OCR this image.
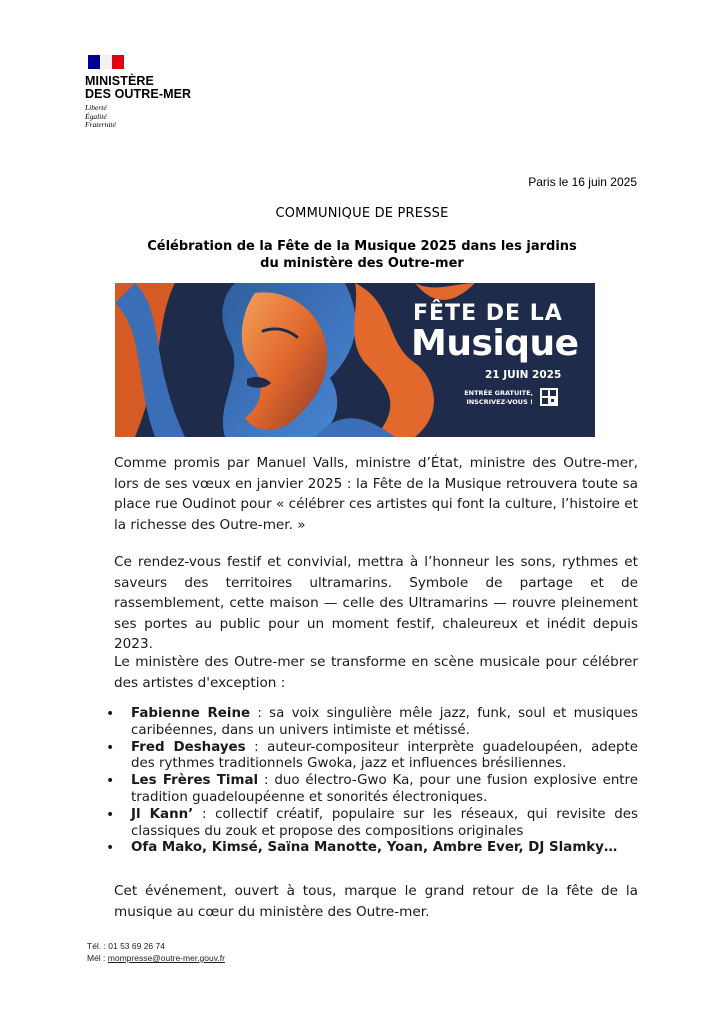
MINISTÈRE
DES OUTRE-MER
Liberté
Égalité
Fraternité
Paris le 16 juin 2025
COMMUNIQUE DE PRESSE
Célébration de la Fête de la Musique 2025 dans les jardins
du ministère des Outre-mer
FÊTE DE LA
Musique
21 JUIN 2025
ENTRÉE GRATUITE,
INSCRIVEZ-VOUS !
Comme promis par Manuel Valls, ministre d’État, ministre des Outre-mer, lors de ses vœux en janvier 2025 : la Fête de la Musique retrouvera toute sa place rue Oudinot pour « célébrer ces artistes qui font la culture, l’histoire et la richesse des Outre-mer. »
Ce rendez-vous festif et convivial, mettra à l’honneur les sons, rythmes et saveurs des territoires ultramarins. Symbole de partage et de rassemblement, cette maison — celle des Ultramarins — rouvre pleinement ses portes au public pour un moment festif, chaleureux et inédit depuis 2023.
Le ministère des Outre-mer se transforme en scène musicale pour célébrer des artistes d'exception :
• Fabienne Reine : sa voix singulière mêle jazz, funk, soul et musiques caribéennes, dans un univers intimiste et métissé.
• Fred Deshayes : auteur-compositeur interprète guadeloupéen, adepte des rythmes traditionnels Gwoka, jazz et influences brésiliennes.
• Les Frères Timal : duo électro-Gwo Ka, pour une fusion explosive entre tradition guadeloupéenne et sonorités électroniques.
• Jl Kann’ : collectif créatif, populaire sur les réseaux, qui revisite des classiques du zouk et propose des compositions originales
• Ofa Mako, Kimsé, Saïna Manotte, Yoan, Ambre Ever, DJ Slamky…
Cet événement, ouvert à tous, marque le grand retour de la fête de la musique au cœur du ministère des Outre-mer.
Tél. : 01 53 69 26 74
Mél : mompresse@outre-mer.gouv.fr
